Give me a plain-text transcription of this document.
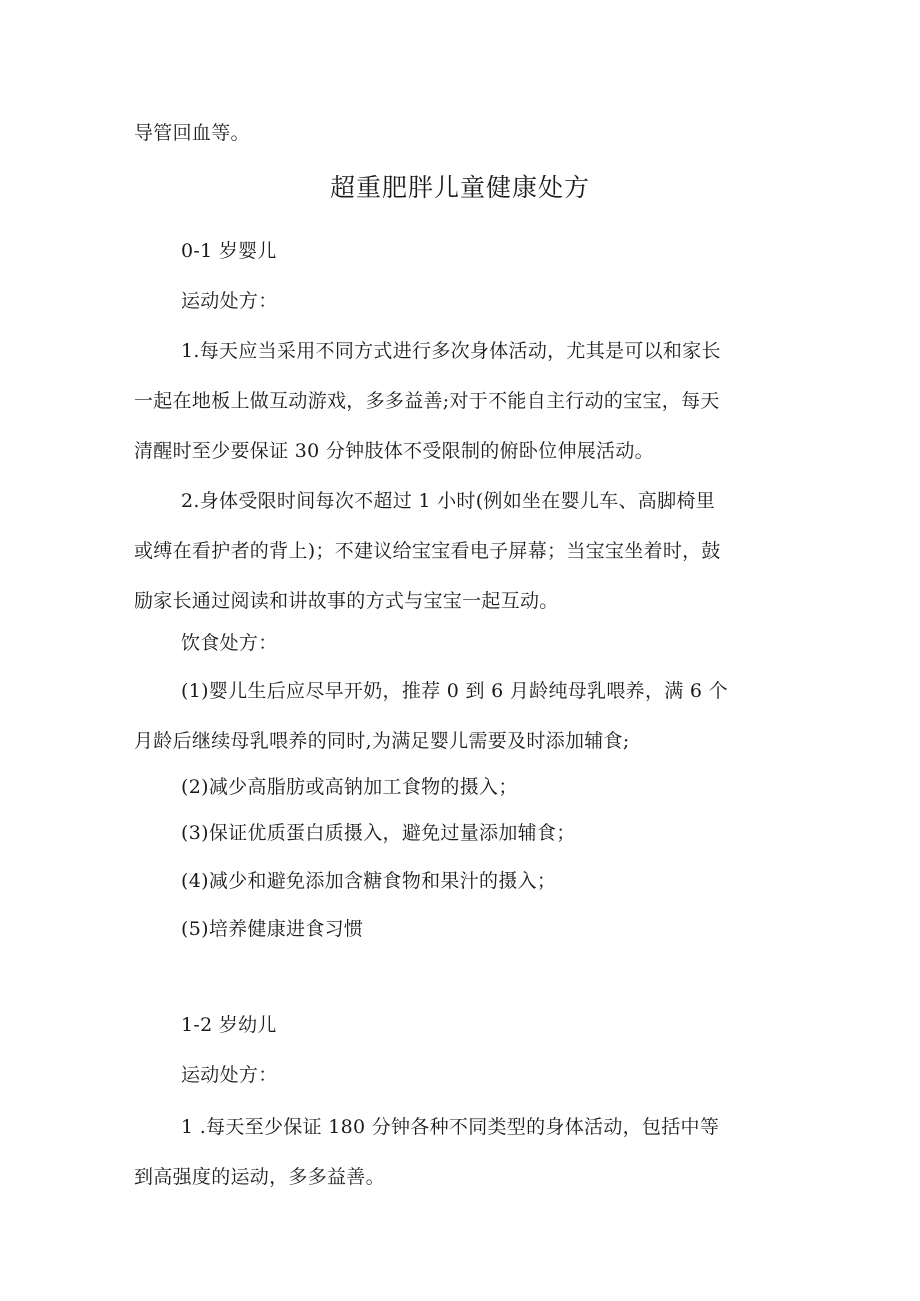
导管回血等。
超重肥胖儿童健康处方
0-1 岁婴儿
运动处方：
1.每天应当采用不同方式进行多次身体活动，尤其是可以和家长
一起在地板上做互动游戏，多多益善;对于不能自主行动的宝宝，每天
清醒时至少要保证 30 分钟肢体不受限制的俯卧位伸展活动。
2.身体受限时间每次不超过 1 小时(例如坐在婴儿车、高脚椅里
或缚在看护者的背上)；不建议给宝宝看电子屏幕；当宝宝坐着时，鼓
励家长通过阅读和讲故事的方式与宝宝一起互动。
饮食处方：
(1)婴儿生后应尽早开奶，推荐 0 到 6 月龄纯母乳喂养，满 6 个
月龄后继续母乳喂养的同时,为满足婴儿需要及时添加辅食;
(2)减少高脂肪或高钠加工食物的摄入；
(3)保证优质蛋白质摄入，避免过量添加辅食；
(4)减少和避免添加含糖食物和果汁的摄入；
(5)培养健康进食习惯
1-2 岁幼儿
运动处方：
1 .每天至少保证 180 分钟各种不同类型的身体活动，包括中等
到高强度的运动，多多益善。
